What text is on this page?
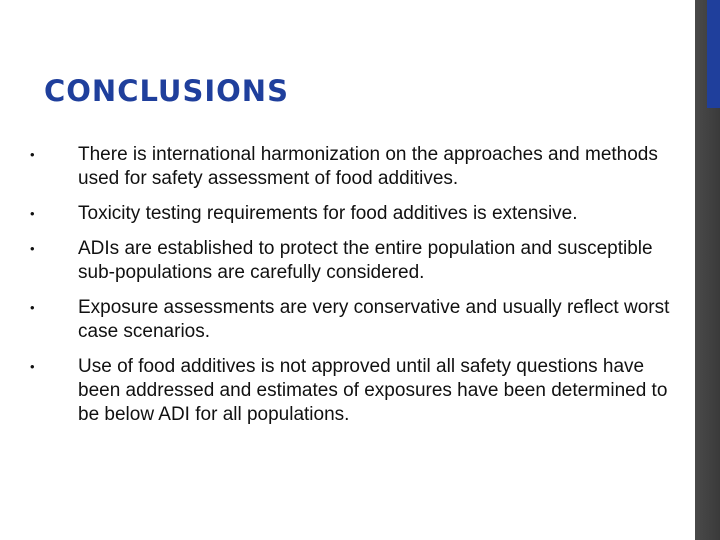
CONCLUSIONS
•	There is international harmonization on the approaches and methods used for safety assessment of food additives.
•	Toxicity testing requirements for food additives is extensive.
•	ADIs are established to protect the entire population and susceptible sub-populations are carefully considered.
•	Exposure assessments are very conservative and usually reflect worst case scenarios.
•	Use of food additives is not approved until all safety questions have been addressed and estimates of exposures have been determined to be below ADI for all populations.
